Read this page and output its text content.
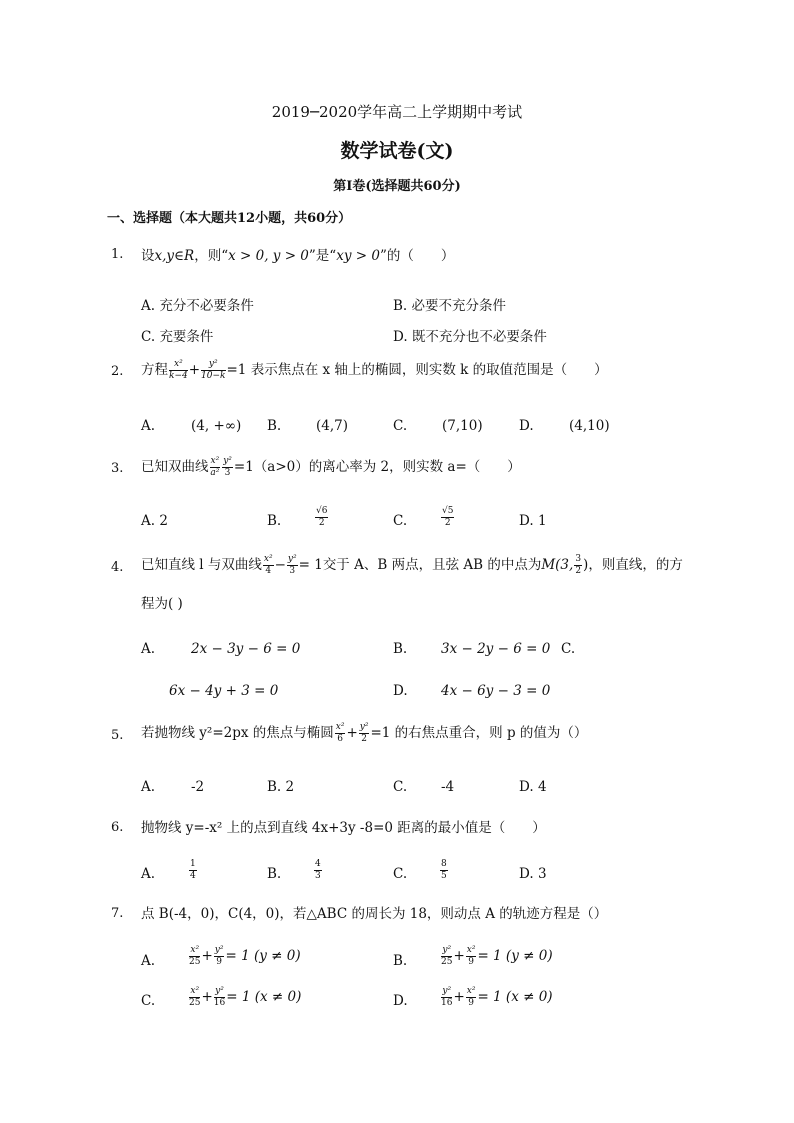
2019─2020学年高二上学期期中考试
数学试卷(文)
第Ⅰ卷(选择题共60分)
一、选择题（本大题共12小题，共60分）
1. 设x,y∈R，则“x > 0, y > 0”是“xy > 0”的（　　）
A. 充分不必要条件	B. 必要不充分条件
C. 充要条件	D. 既不充分也不必要条件
2. 方程 $\frac{\text{x²}}{k-4} + \frac{\text{y²}}{10-k} =1$ 表示焦点在 x 轴上的椭圆，则实数 k 的取值范围是（　　）
A.	(4, +∞) B.	(4,7)	C.	(7,10)	D.	(4,10)
3. 已知双曲线 $\frac{\text{x²}}{\text{a²}} \frac{\text{y²}}{3} =1(a>0)$的离心率为 2，则实数 a=（　　）
A. 2	B.	$\frac{√6}{2}$	C.	$\frac{√5}{2}$	D. 1
4. 已知直线 l 与双曲线 $\frac{\text{x²}}{4} - \frac{\text{y²}}{3} = 1$交于 A、B 两点，且弦 AB 的中点为M(3, $\frac{3}{2}$ )，则直线，的方
程为( )
A.	2x − 3y − 6 = 0	B.	3x − 2y − 6 = 0 C.
6x − 4y + 3 = 0	D. 4x − 6y − 3 = 0
5. 若抛物线 y²=2px 的焦点与椭圆 $\frac{\text{x²}}{6} + \frac{\text{y²}}{2} =1$ 的右焦点重合，则 p 的值为（）
A.	-2	B. 2	C.	-4	D. 4
6. 抛物线 y=-x² 上的点到直线 4x+3y -8=0 距离的最小值是（　　）
A.	$\frac{1}{4}$	B.	$\frac{4}{3}$	C.	$\frac{8}{5}$	D. 3
7. 点 B(-4，0)，C(4，0)，若△ABC 的周长为 18，则动点 A 的轨迹方程是（）
A.	$\frac{\text{x²}}{25} + \frac{\text{y²}}{9} = 1$ (y ≠ 0)	B.	$\frac{\text{y²}}{25} + \frac{\text{x²}}{9} = 1$ (y ≠ 0)
C.	$\frac{\text{x²}}{25} + \frac{\text{y²}}{16} = 1$ (x ≠ 0)	D.	$\frac{\text{y²}}{16} + \frac{\text{x²}}{9} = 1$ (x ≠ 0)
